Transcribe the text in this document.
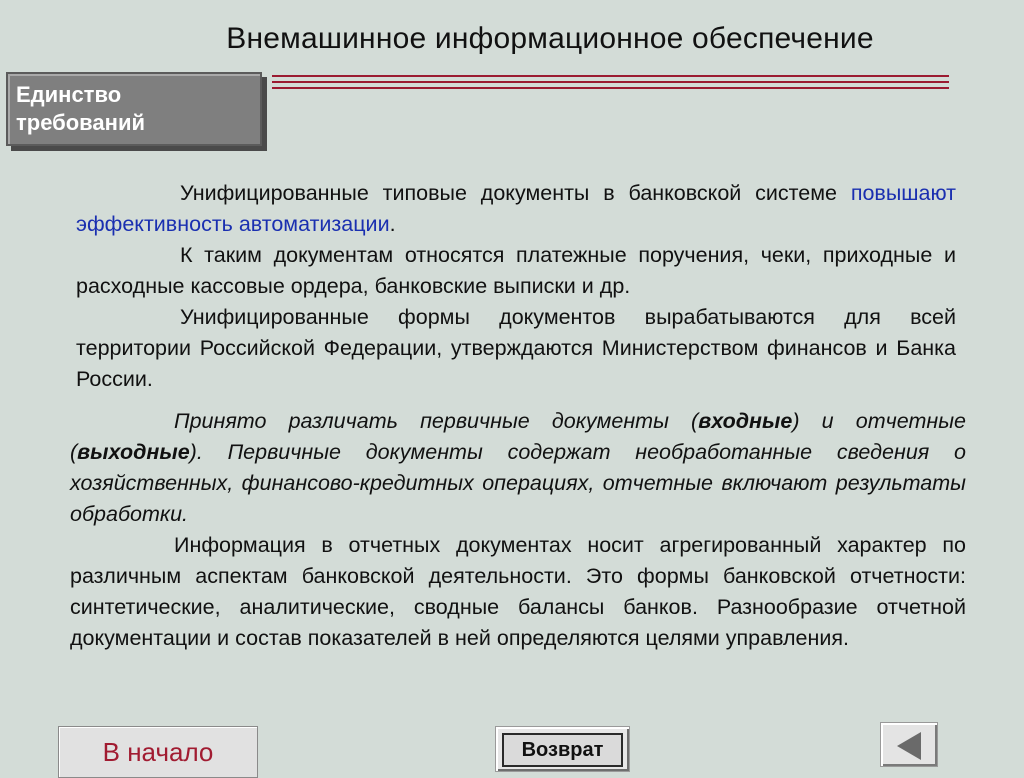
Внемашинное информационное обеспечение
Единство
требований

Унифицированные типовые документы в банковской системе повышают эффективность автоматизации.

К таким документам относятся платежные поручения, чеки, приходные и расходные кассовые ордера, банковские выписки и др.

Унифицированные формы документов вырабатываются для всей территории Российской Федерации, утверждаются Министерством финансов и Банка России.

Принято различать первичные документы (входные) и отчетные (выходные). Первичные документы содержат необработанные сведения о хозяйственных, финансово-кредитных операциях, отчетные включают результаты обработки.

Информация в отчетных документах носит агрегированный характер по различным аспектам банковской деятельности. Это формы банковской отчетности: синтетические, аналитические, сводные балансы банков. Разнообразие отчетной документации и состав показателей в ней определяются целями управления.

В начало	Возврат
